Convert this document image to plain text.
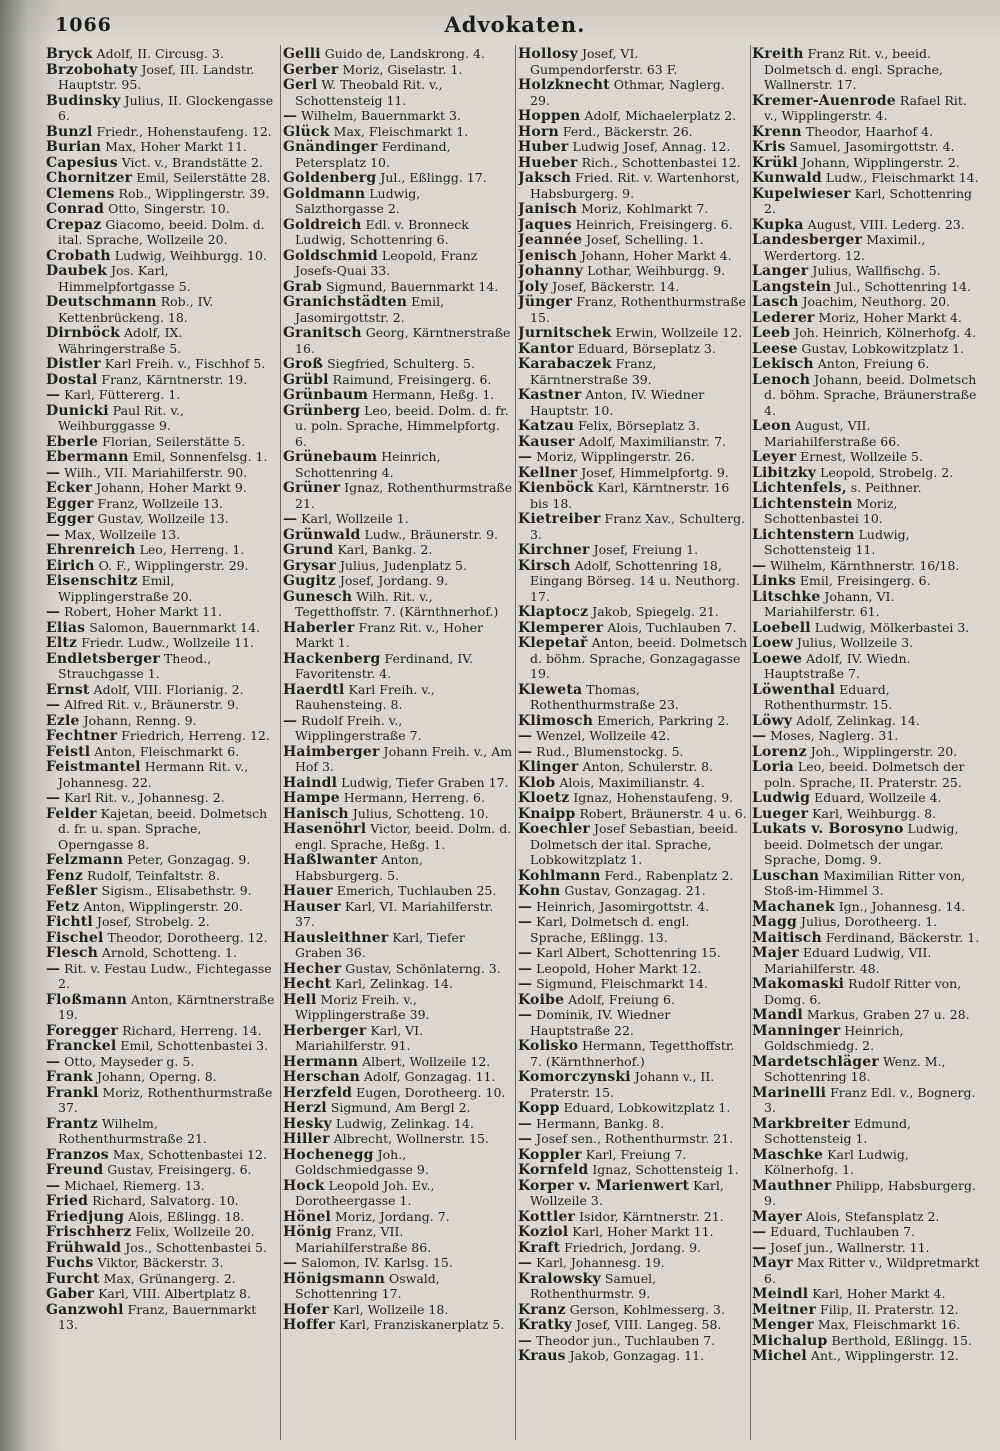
1066	Advokaten.

Bryck Adolf, II. Circusg. 3.

Brzobohaty Josef, III. Landstr. Hauptstr. 95.

Budinsky Julius, II. Glockengasse 6.

Bunzl Friedr., Hohenstaufeng. 12.

Burian Max, Hoher Markt 11.

Capesius Vict. v., Brandstätte 2.

Chornitzer Emil, Seilerstätte 28.

Clemens Rob., Wipplingerstr. 39.

Conrad Otto, Singerstr. 10.

Crepaz Giacomo, beeid. Dolm. d. ital. Sprache, Wollzeile 20.

Crobath Ludwig, Weihburgg. 10.

Daubek Jos. Karl, Himmelpfortgasse 5.

Deutschmann Rob., IV. Kettenbrückeng. 18.

Dirnböck Adolf, IX. Währingerstraße 5.

Distler Karl Freih. v., Fischhof 5.

Dostal Franz, Kärntnerstr. 19.

— Karl, Füttererg. 1.

Dunicki Paul Rit. v., Weihburggasse 9.

Eberle Florian, Seilerstätte 5.

Ebermann Emil, Sonnenfelsg. 1.

— Wilh., VII. Mariahilferstr. 90.

Ecker Johann, Hoher Markt 9.

Egger Franz, Wollzeile 13.

Egger Gustav, Wollzeile 13.

— Max, Wollzeile 13.

Ehrenreich Leo, Herreng. 1.

Eirich O. F., Wipplingerstr. 29.

Eisenschitz Emil, Wipplingerstraße 20.

— Robert, Hoher Markt 11.

Elias Salomon, Bauernmarkt 14.

Eltz Friedr. Ludw., Wollzeile 11.

Endletsberger Theod., Strauchgasse 1.

Ernst Adolf, VIII. Florianig. 2.

— Alfred Rit. v., Bräunerstr. 9.

Ezle Johann, Renng. 9.

Fechtner Friedrich, Herreng. 12.

Feistl Anton, Fleischmarkt 6.

Feistmantel Hermann Rit. v., Johannesg. 22.

— Karl Rit. v., Johannesg. 2.

Felder Kajetan, beeid. Dolmetsch d. fr. u. span. Sprache, Operngasse 8.

Felzmann Peter, Gonzagag. 9.

Fenz Rudolf, Teinfaltstr. 8.

Feßler Sigism., Elisabethstr. 9.

Fetz Anton, Wipplingerstr. 20.

Fichtl Josef, Strobelg. 2.

Fischel Theodor, Dorotheerg. 12.

Flesch Arnold, Schotteng. 1.

— Rit. v. Festau Ludw., Fichtegasse 2.

Floßmann Anton, Kärntnerstraße 19.

Foregger Richard, Herreng. 14.

Franckel Emil, Schottenbastei 3.

— Otto, Mayseder g. 5.

Frank Johann, Operng. 8.

Frankl Moriz, Rothenthurmstraße 37.

Frantz Wilhelm, Rothenthurmstraße 21.

Franzos Max, Schottenbastei 12.

Freund Gustav, Freisingerg. 6.

— Michael, Riemerg. 13.

Fried Richard, Salvatorg. 10.

Friedjung Alois, Eßlingg. 18.

Frischherz Felix, Wollzeile 20.

Frühwald Jos., Schottenbastei 5.

Fuchs Viktor, Bäckerstr. 3.

Furcht Max, Grünangerg. 2.

Gaber Karl, VIII. Albertplatz 8.

Ganzwohl Franz, Bauernmarkt 13.

Gelli Guido de, Landskrong. 4.

Gerber Moriz, Giselastr. 1.

Gerl W. Theobald Rit. v., Schottensteig 11.

— Wilhelm, Bauernmarkt 3.

Glück Max, Fleischmarkt 1.

Gnändinger Ferdinand, Petersplatz 10.

Goldenberg Jul., Eßlingg. 17.

Goldmann Ludwig, Salzthorgasse 2.

Goldreich Edl. v. Bronneck Ludwig, Schottenring 6.

Goldschmid Leopold, Franz Josefs-Quai 33.

Grab Sigmund, Bauernmarkt 14.

Granichstädten Emil, Jasomirgottstr. 2.

Granitsch Georg, Kärntnerstraße 16.

Groß Siegfried, Schulterg. 5.

Grübl Raimund, Freisingerg. 6.

Grünbaum Hermann, Heßg. 1.

Grünberg Leo, beeid. Dolm. d. fr. u. poln. Sprache, Himmelpfortg. 6.

Grünebaum Heinrich, Schottenring 4.

Grüner Ignaz, Rothenthurmstraße 21.

— Karl, Wollzeile 1.

Grünwald Ludw., Bräunerstr. 9.

Grund Karl, Bankg. 2.

Grysar Julius, Judenplatz 5.

Gugitz Josef, Jordang. 9.

Gunesch Wilh. Rit. v., Tegetthoffstr. 7. (Kärnthnerhof.)

Haberler Franz Rit. v., Hoher Markt 1.

Hackenberg Ferdinand, IV. Favoritenstr. 4.

Haerdtl Karl Freih. v., Rauhensteing. 8.

— Rudolf Freih. v., Wipplingerstraße 7.

Haimberger Johann Freih. v., Am Hof 3.

Haindl Ludwig, Tiefer Graben 17.

Hampe Hermann, Herreng. 6.

Hanisch Julius, Schotteng. 10.

Hasenöhrl Victor, beeid. Dolm. d. engl. Sprache, Heßg. 1.

Haßlwanter Anton, Habsburgerg. 5.

Hauer Emerich, Tuchlauben 25.

Hauser Karl, VI. Mariahilferstr. 37.

Hausleithner Karl, Tiefer Graben 36.

Hecher Gustav, Schönlaterng. 3.

Hecht Karl, Zelinkag. 14.

Hell Moriz Freih. v., Wipplingerstraße 39.

Herberger Karl, VI. Mariahilferstr. 91.

Hermann Albert, Wollzeile 12.

Herschan Adolf, Gonzagag. 11.

Herzfeld Eugen, Dorotheerg. 10.

Herzl Sigmund, Am Bergl 2.

Hesky Ludwig, Zelinkag. 14.

Hiller Albrecht, Wollnerstr. 15.

Hochenegg Joh., Goldschmiedgasse 9.

Hock Leopold Joh. Ev., Dorotheergasse 1.

Hönel Moriz, Jordang. 7.

Hönig Franz, VII. Mariahilferstraße 86.

— Salomon, IV. Karlsg. 15.

Hönigsmann Oswald, Schottenring 17.

Hofer Karl, Wollzeile 18.

Hoffer Karl, Franziskanerplatz 5.

Hollosy Josef, VI. Gumpendorferstr. 63 F.

Holzknecht Othmar, Naglerg. 29.

Hoppen Adolf, Michaelerplatz 2.

Horn Ferd., Bäckerstr. 26.

Huber Ludwig Josef, Annag. 12.

Hueber Rich., Schottenbastei 12.

Jaksch Fried. Rit. v. Wartenhorst, Habsburgerg. 9.

Janisch Moriz, Kohlmarkt 7.

Jaques Heinrich, Freisingerg. 6.

Jeannée Josef, Schelling. 1.

Jenisch Johann, Hoher Markt 4.

Johanny Lothar, Weihburgg. 9.

Joly Josef, Bäckerstr. 14.

Jünger Franz, Rothenthurmstraße 15.

Jurnitschek Erwin, Wollzeile 12.

Kantor Eduard, Börseplatz 3.

Karabaczek Franz, Kärntnerstraße 39.

Kastner Anton, IV. Wiedner Hauptstr. 10.

Katzau Felix, Börseplatz 3.

Kauser Adolf, Maximilianstr. 7.

— Moriz, Wipplingerstr. 26.

Kellner Josef, Himmelpfortg. 9.

Kienböck Karl, Kärntnerstr. 16 bis 18.

Kietreiber Franz Xav., Schulterg. 3.

Kirchner Josef, Freiung 1.

Kirsch Adolf, Schottenring 18, Eingang Börseg. 14 u. Neuthorg. 17.

Klaptocz Jakob, Spiegelg. 21.

Klemperer Alois, Tuchlauben 7.

Klepetař Anton, beeid. Dolmetsch d. böhm. Sprache, Gonzagagasse 19.

Kleweta Thomas, Rothenthurmstraße 23.

Klimosch Emerich, Parkring 2.

— Wenzel, Wollzeile 42.

— Rud., Blumenstockg. 5.

Klinger Anton, Schulerstr. 8.

Klob Alois, Maximilianstr. 4.

Kloetz Ignaz, Hohenstaufeng. 9.

Knaipp Robert, Bräunerstr. 4 u. 6.

Koechler Josef Sebastian, beeid. Dolmetsch der ital. Sprache, Lobkowitzplatz 1.

Kohlmann Ferd., Rabenplatz 2.

Kohn Gustav, Gonzagag. 21.

— Heinrich, Jasomirgottstr. 4.

— Karl, Dolmetsch d. engl. Sprache, Eßlingg. 13.

— Karl Albert, Schottenring 15.

— Leopold, Hoher Markt 12.

— Sigmund, Fleischmarkt 14.

Koibe Adolf, Freiung 6.

— Dominik, IV. Wiedner Hauptstraße 22.

Kolisko Hermann, Tegetthoffstr. 7. (Kärnthnerhof.)

Komorczynski Johann v., II. Praterstr. 15.

Kopp Eduard, Lobkowitzplatz 1.

— Hermann, Bankg. 8.

— Josef sen., Rothenthurmstr. 21.

Koppler Karl, Freiung 7.

Kornfeld Ignaz, Schottensteig 1.

Korper v. Marienwert Karl, Wollzeile 3.

Kottler Isidor, Kärntnerstr. 21.

Koziol Karl, Hoher Markt 11.

Kraft Friedrich, Jordang. 9.

— Karl, Johannesg. 19.

Kralowsky Samuel, Rothenthurmstr. 9.

Kranz Gerson, Kohlmesserg. 3.

Kratky Josef, VIII. Langeg. 58.

— Theodor jun., Tuchlauben 7.

Kraus Jakob, Gonzagag. 11.

Kreith Franz Rit. v., beeid. Dolmetsch d. engl. Sprache, Wallnerstr. 17.

Kremer-Auenrode Rafael Rit. v., Wipplingerstr. 4.

Krenn Theodor, Haarhof 4.

Kris Samuel, Jasomirgottstr. 4.

Krükl Johann, Wipplingerstr. 2.

Kunwald Ludw., Fleischmarkt 14.

Kupelwieser Karl, Schottenring 2.

Kupka August, VIII. Lederg. 23.

Landesberger Maximil., Werdertorg. 12.

Langer Julius, Wallfischg. 5.

Langstein Jul., Schottenring 14.

Lasch Joachim, Neuthorg. 20.

Lederer Moriz, Hoher Markt 4.

Leeb Joh. Heinrich, Kölnerhofg. 4.

Leese Gustav, Lobkowitzplatz 1.

Lekisch Anton, Freiung 6.

Lenoch Johann, beeid. Dolmetsch d. böhm. Sprache, Bräunerstraße 4.

Leon August, VII. Mariahilferstraße 66.

Leyer Ernest, Wollzeile 5.

Libitzky Leopold, Strobelg. 2.

Lichtenfels, s. Peithner.

Lichtenstein Moriz, Schottenbastei 10.

Lichtenstern Ludwig, Schottensteig 11.

— Wilhelm, Kärnthnerstr. 16/18.

Links Emil, Freisingerg. 6.

Litschke Johann, VI. Mariahilferstr. 61.

Loebell Ludwig, Mölkerbastei 3.

Loew Julius, Wollzeile 3.

Loewe Adolf, IV. Wiedn. Hauptstraße 7.

Löwenthal Eduard, Rothenthurmstr. 15.

Löwy Adolf, Zelinkag. 14.

— Moses, Naglerg. 31.

Lorenz Joh., Wipplingerstr. 20.

Loria Leo, beeid. Dolmetsch der poln. Sprache, II. Praterstr. 25.

Ludwig Eduard, Wollzeile 4.

Lueger Karl, Weihburgg. 8.

Lukats v. Borosyno Ludwig, beeid. Dolmetsch der ungar. Sprache, Domg. 9.

Luschan Maximilian Ritter von, Stoß-im-Himmel 3.

Machanek Ign., Johannesg. 14.

Magg Julius, Dorotheerg. 1.

Maitisch Ferdinand, Bäckerstr. 1.

Majer Eduard Ludwig, VII. Mariahilferstr. 48.

Makomaski Rudolf Ritter von, Domg. 6.

Mandl Markus, Graben 27 u. 28.

Manninger Heinrich, Goldschmiedg. 2.

Mardetschläger Wenz. M., Schottenring 18.

Marinelli Franz Edl. v., Bognerg. 3.

Markbreiter Edmund, Schottensteig 1.

Maschke Karl Ludwig, Kölnerhofg. 1.

Mauthner Philipp, Habsburgerg. 9.

Mayer Alois, Stefansplatz 2.

— Eduard, Tuchlauben 7.

— Josef jun., Wallnerstr. 11.

Mayr Max Ritter v., Wildpretmarkt 6.

Meindl Karl, Hoher Markt 4.

Meitner Filip, II. Praterstr. 12.

Menger Max, Fleischmarkt 16.

Michalup Berthold, Eßlingg. 15.

Michel Ant., Wipplingerstr. 12.
